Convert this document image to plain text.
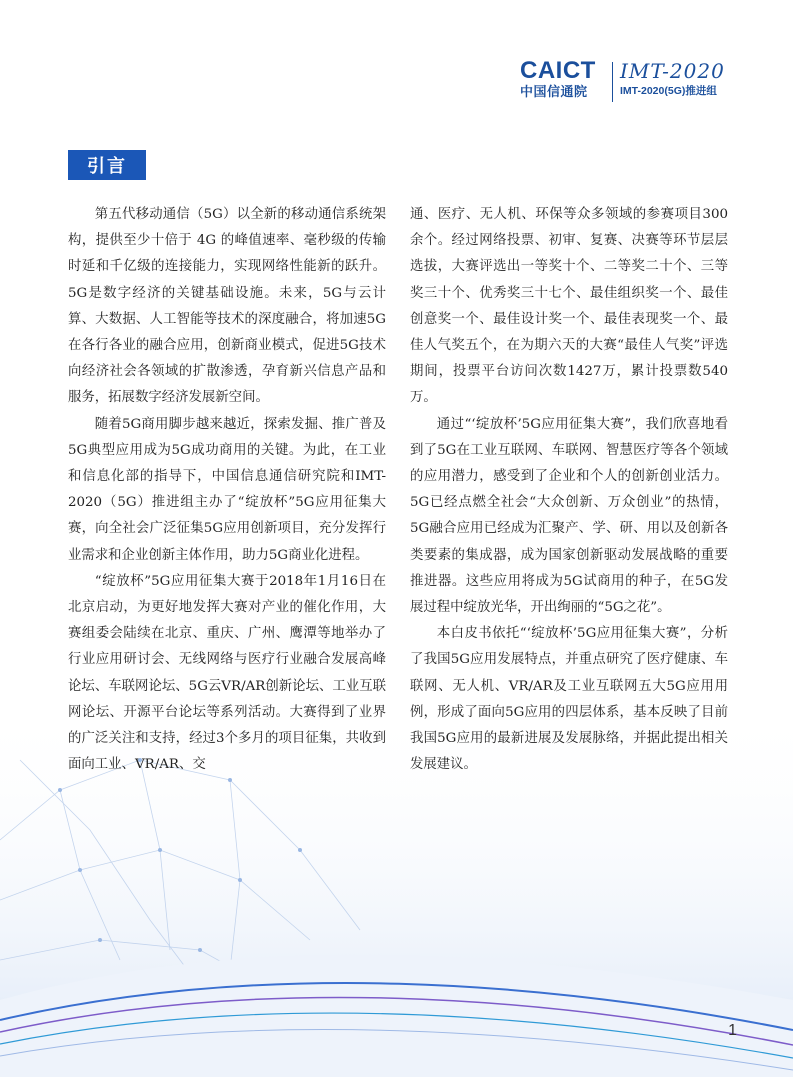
CAICT
中国信通院
IMT-2020
IMT-2020(5G)推进组
引言

第五代移动通信（5G）以全新的移动通信系统架构，提供至少十倍于 4G 的峰值速率、毫秒级的传输时延和千亿级的连接能力，实现网络性能新的跃升。5G是数字经济的关键基础设施。未来，5G与云计算、大数据、人工智能等技术的深度融合，将加速5G在各行各业的融合应用，创新商业模式，促进5G技术向经济社会各领域的扩散渗透，孕育新兴信息产品和服务，拓展数字经济发展新空间。

随着5G商用脚步越来越近，探索发掘、推广普及5G典型应用成为5G成功商用的关键。为此，在工业和信息化部的指导下，中国信息通信研究院和IMT-2020（5G）推进组主办了“绽放杯”5G应用征集大赛，向全社会广泛征集5G应用创新项目，充分发挥行业需求和企业创新主体作用，助力5G商业化进程。

“绽放杯”5G应用征集大赛于2018年1月16日在北京启动，为更好地发挥大赛对产业的催化作用，大赛组委会陆续在北京、重庆、广州、鹰潭等地举办了行业应用研讨会、无线网络与医疗行业融合发展高峰论坛、车联网论坛、5G云VR/AR创新论坛、工业互联网论坛、开源平台论坛等系列活动。大赛得到了业界的广泛关注和支持，经过3个多月的项目征集，共收到面向工业、VR/AR、交

通、医疗、无人机、环保等众多领域的参赛项目300余个。经过网络投票、初审、复赛、决赛等环节层层选拔，大赛评选出一等奖十个、二等奖二十个、三等奖三十个、优秀奖三十七个、最佳组织奖一个、最佳创意奖一个、最佳设计奖一个、最佳表现奖一个、最佳人气奖五个，在为期六天的大赛“最佳人气奖”评选期间，投票平台访问次数1427万，累计投票数540万。

通过“‘绽放杯’5G应用征集大赛”，我们欣喜地看到了5G在工业互联网、车联网、智慧医疗等各个领域的应用潜力，感受到了企业和个人的创新创业活力。5G已经点燃全社会“大众创新、万众创业”的热情，5G融合应用已经成为汇聚产、学、研、用以及创新各类要素的集成器，成为国家创新驱动发展战略的重要推进器。这些应用将成为5G试商用的种子，在5G发展过程中绽放光华，开出绚丽的“5G之花”。

本白皮书依托“‘绽放杯’5G应用征集大赛”，分析了我国5G应用发展特点，并重点研究了医疗健康、车联网、无人机、VR/AR及工业互联网五大5G应用用例，形成了面向5G应用的四层体系，基本反映了目前我国5G应用的最新进展及发展脉络，并据此提出相关发展建议。

1
